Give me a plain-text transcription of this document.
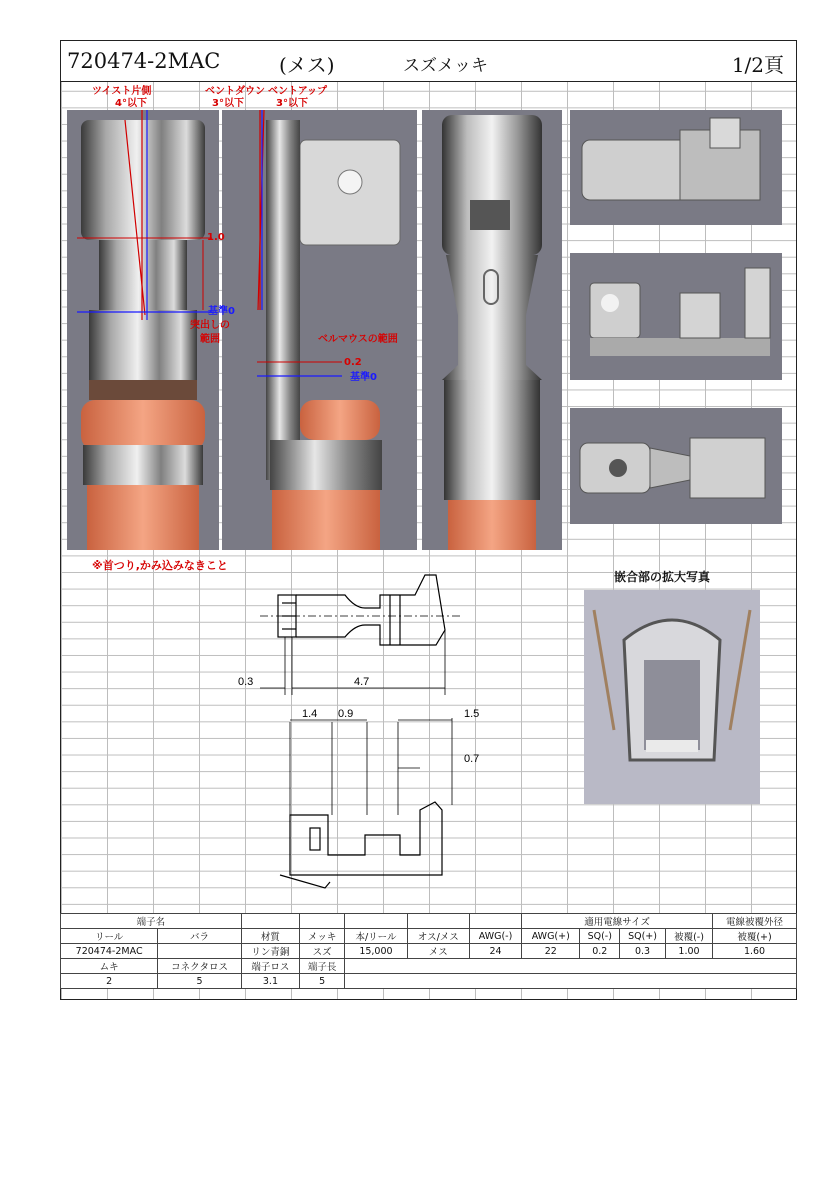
720474-2MAC	(メス)	スズメッキ	1/2頁
嵌合部の拡大写真
ツイスト片側
4°以下
ベントダウン
3°以下
ベントアップ
3°以下
1.0
基準0
突出しの
範囲	ベルマウスの範囲
0.2
基準0
※首つり,かみ込みなきこと
0.3	4.7
1.4 0.9	1.5
0.7
端子名							適用電線サイズ				電線被覆外径
リール	バラ	材質	メッキ	本/リール	オス/メス	AWG(-)	AWG(+)	SQ(-)	SQ(+)	被覆(-)	被覆(+)
720474-2MAC		リン青銅	スズ	15,000	メス	24	22	0.2	0.3	1.00	1.60
ムキ	コネクタロス	端子ロス	端子長								
2	5	3.1	5								
